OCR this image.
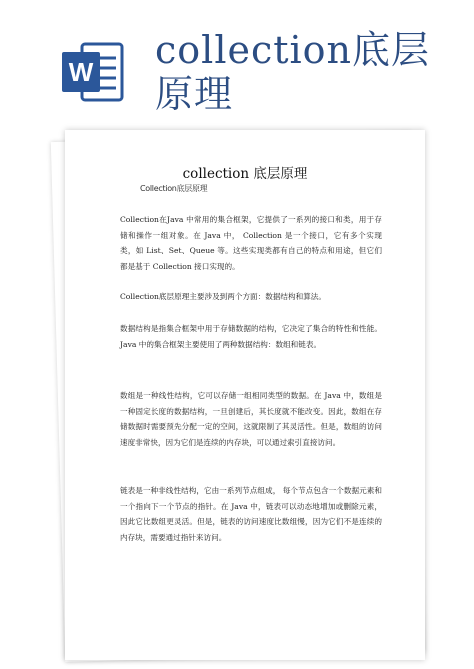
W collection底层原理
collection 底层原理
Collection底层原理
Collection在Java 中常用的集合框架，它提供了一系列的接口和类，用于存储和操作一组对象。在 Java 中， Collection 是一个接口，它有多个实现类，如 List、Set、Queue 等。这些实现类都有自己的特点和用途，但它们都是基于 Collection 接口实现的。
Collection底层原理主要涉及到两个方面：数据结构和算法。
数据结构是指集合框架中用于存储数据的结构，它决定了集合的特性和性能。 Java 中的集合框架主要使用了两种数据结构：数组和链表。
数组是一种线性结构，它可以存储一组相同类型的数据。在 Java 中，数组是一种固定长度的数据结构，一旦创建后，其长度就不能改变。因此，数组在存储数据时需要预先分配一定的空间，这就限制了其灵活性。但是，数组的访问速度非常快，因为它们是连续的内存块，可以通过索引直接访问。
链表是一种非线性结构，它由一系列节点组成， 每个节点包含一个数据元素和一个指向下一个节点的指针。在 Java 中，链表可以动态地增加或删除元素，因此它比数组更灵活。但是，链表的访问速度比数组慢，因为它们不是连续的内存块，需要通过指针来访问。
